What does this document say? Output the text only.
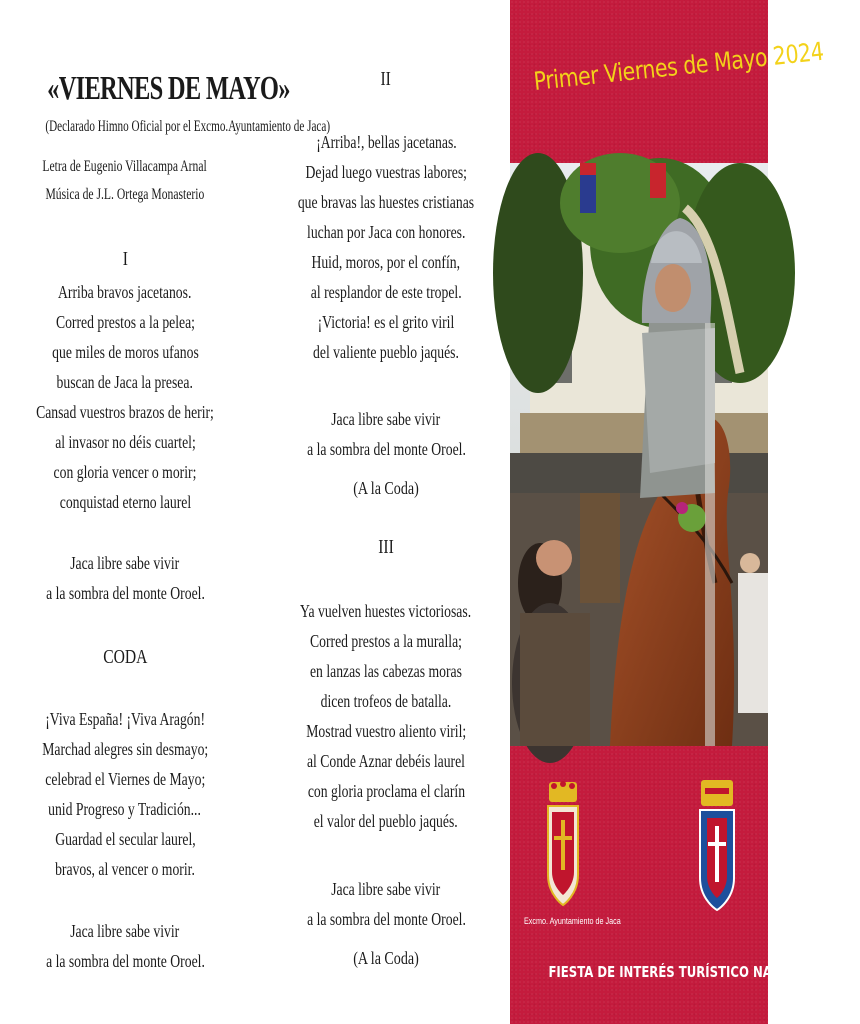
«VIERNES DE MAYO»
(Declarado Himno Oficial por el Excmo.Ayuntamiento de Jaca)
Letra de Eugenio Villacampa Arnal
Música de J.L. Ortega Monasterio
I
Arriba bravos jacetanos.
Corred prestos a la pelea;
que miles de moros ufanos
buscan de Jaca la presea.
Cansad vuestros brazos de herir;
al invasor no déis cuartel;
con gloria vencer o morir;
conquistad eterno laurel
Jaca libre sabe vivir
a la sombra del monte Oroel.
CODA
¡Viva España! ¡Viva Aragón!
Marchad alegres sin desmayo;
celebrad el Viernes de Mayo;
unid Progreso y Tradición...
Guardad el secular laurel,
bravos, al vencer o morir.
Jaca libre sabe vivir
a la sombra del monte Oroel.
II
¡Arriba!, bellas jacetanas.
Dejad luego vuestras labores;
que bravas las huestes cristianas
luchan por Jaca con honores.
Huid, moros, por el confín,
al resplandor de este tropel.
¡Victoria! es el grito viril
del valiente pueblo jaqués.
Jaca libre sabe vivir
a la sombra del monte Oroel.
(A la Coda)
III
Ya vuelven huestes victoriosas.
Corred prestos a la muralla;
en lanzas las cabezas moras
dicen trofeos de batalla.
Mostrad vuestro aliento viril;
al Conde Aznar debéis laurel
con gloria proclama el clarín
el valor del pueblo jaqués.
Jaca libre sabe vivir
a la sombra del monte Oroel.
(A la Coda)
Primer Viernes de Mayo 2024
Excmo. Ayuntamiento de Jaca
FIESTA DE INTERÉS TURÍSTICO NACIONAL
